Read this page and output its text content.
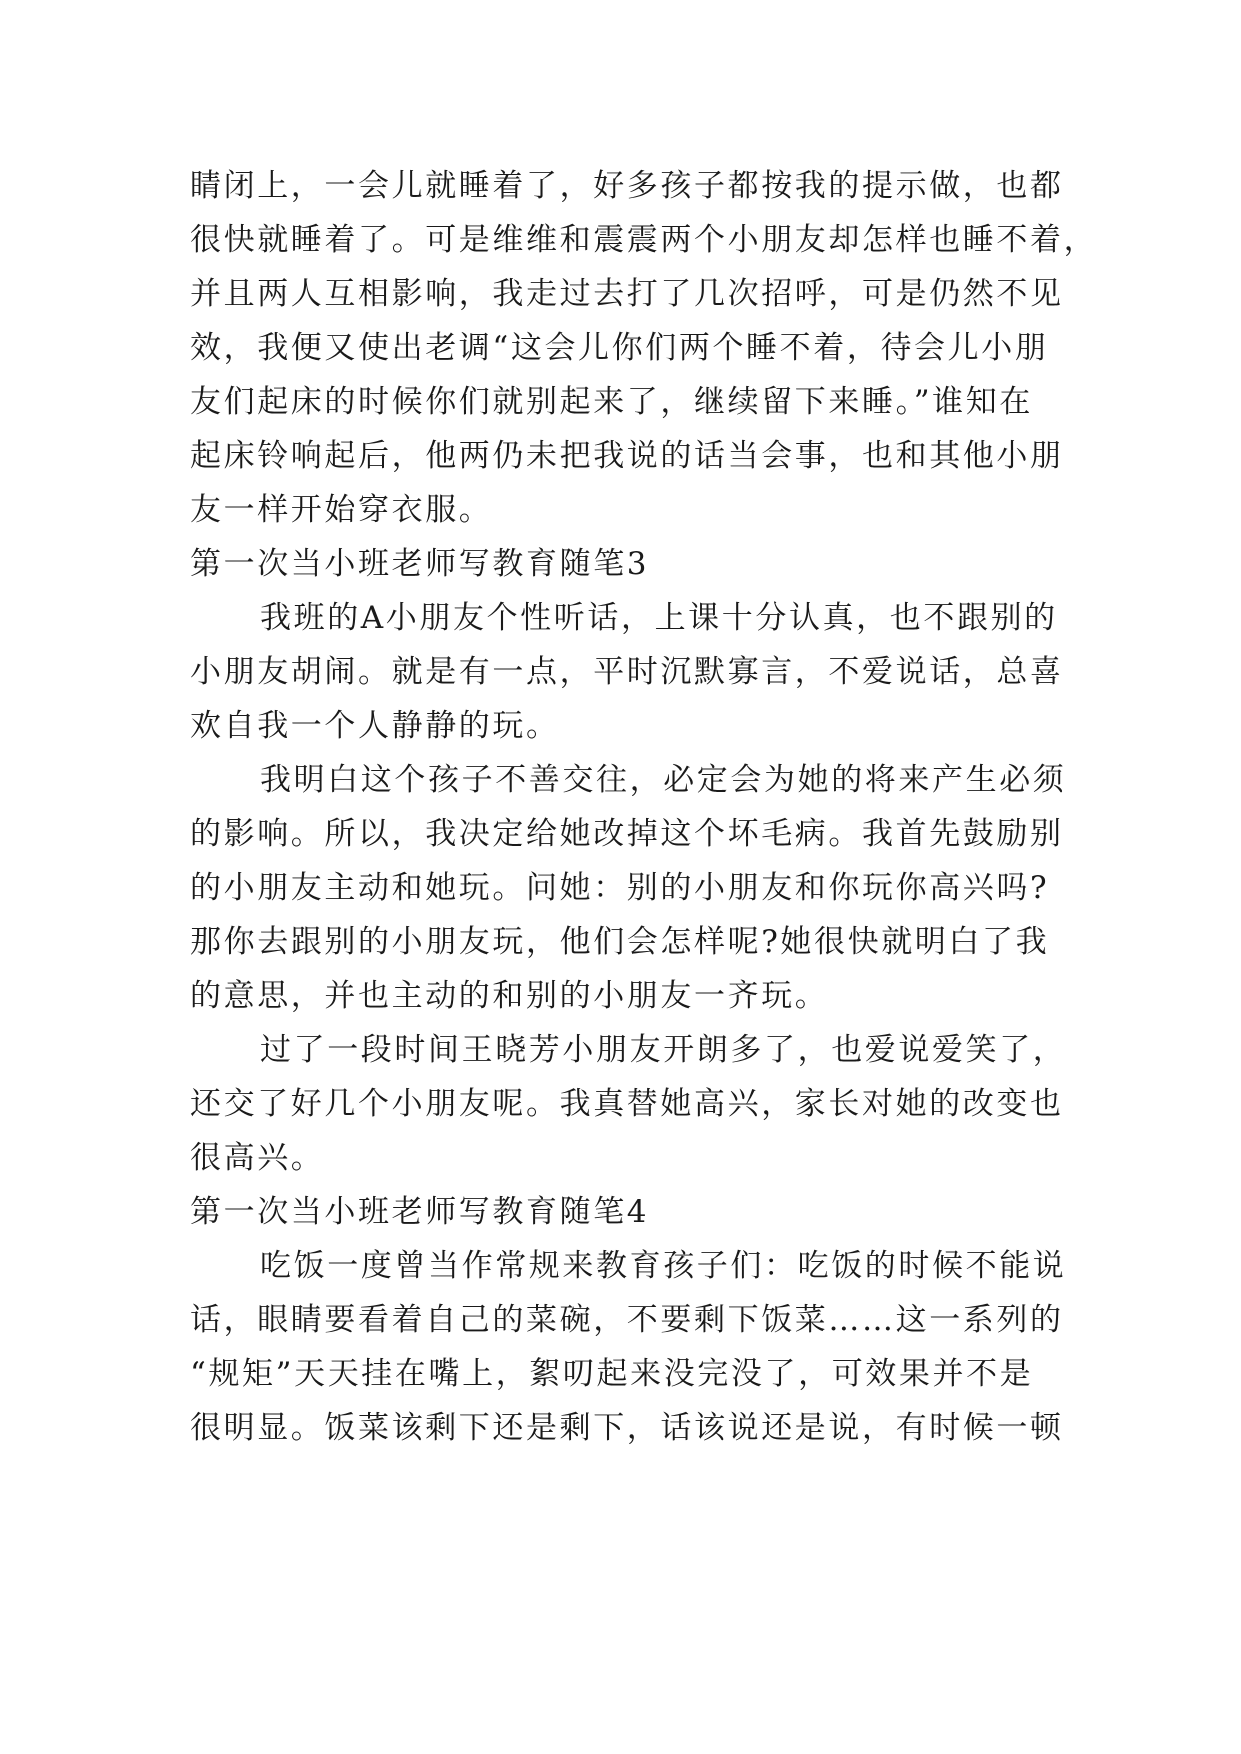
睛闭上，一会儿就睡着了，好多孩子都按我的提示做，也都
很快就睡着了。可是维维和震震两个小朋友却怎样也睡不着，
并且两人互相影响，我走过去打了几次招呼，可是仍然不见
效，我便又使出老调“这会儿你们两个睡不着，待会儿小朋
友们起床的时候你们就别起来了，继续留下来睡。”谁知在
起床铃响起后，他两仍未把我说的话当会事，也和其他小朋
友一样开始穿衣服。
第一次当小班老师写教育随笔3
我班的A小朋友个性听话，上课十分认真，也不跟别的
小朋友胡闹。就是有一点，平时沉默寡言，不爱说话，总喜
欢自我一个人静静的玩。
我明白这个孩子不善交往，必定会为她的将来产生必须
的影响。所以，我决定给她改掉这个坏毛病。我首先鼓励别
的小朋友主动和她玩。问她：别的小朋友和你玩你高兴吗?
那你去跟别的小朋友玩，他们会怎样呢?她很快就明白了我
的意思，并也主动的和别的小朋友一齐玩。
过了一段时间王晓芳小朋友开朗多了，也爱说爱笑了，
还交了好几个小朋友呢。我真替她高兴，家长对她的改变也
很高兴。
第一次当小班老师写教育随笔4
吃饭一度曾当作常规来教育孩子们：吃饭的时候不能说
话，眼睛要看着自己的菜碗，不要剩下饭菜……这一系列的
“规矩”天天挂在嘴上，絮叨起来没完没了，可效果并不是
很明显。饭菜该剩下还是剩下，话该说还是说，有时候一顿
